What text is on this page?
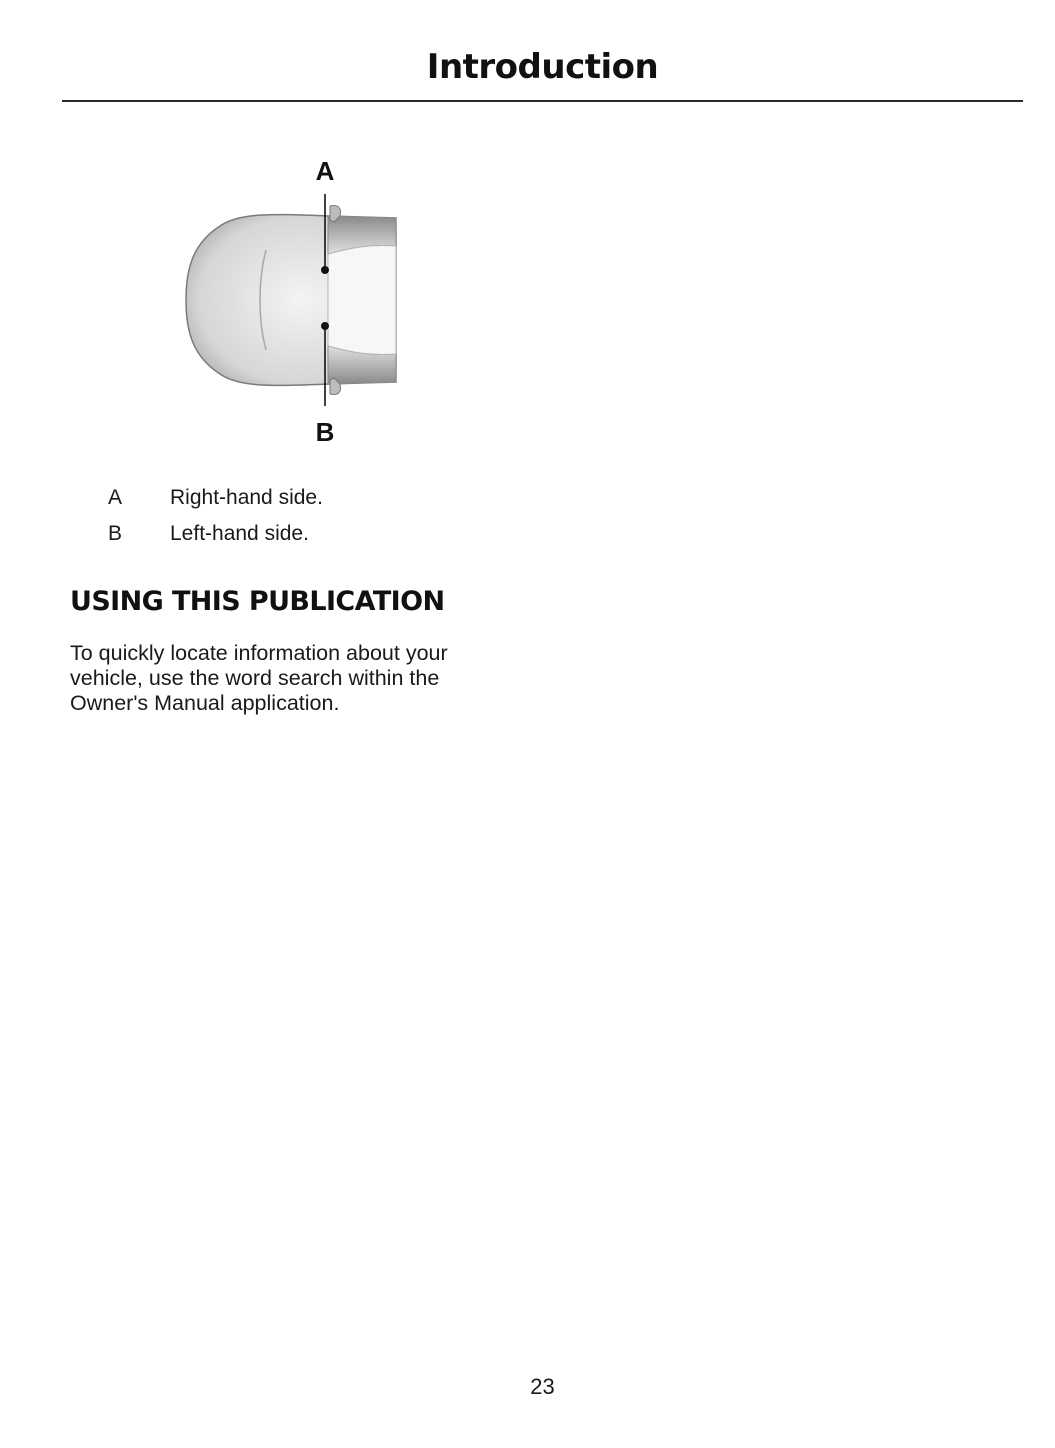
Introduction
A
B
A	Right-hand side.
B	Left-hand side.
USING THIS PUBLICATION
To quickly locate information about your vehicle, use the word search within the Owner's Manual application.
23
